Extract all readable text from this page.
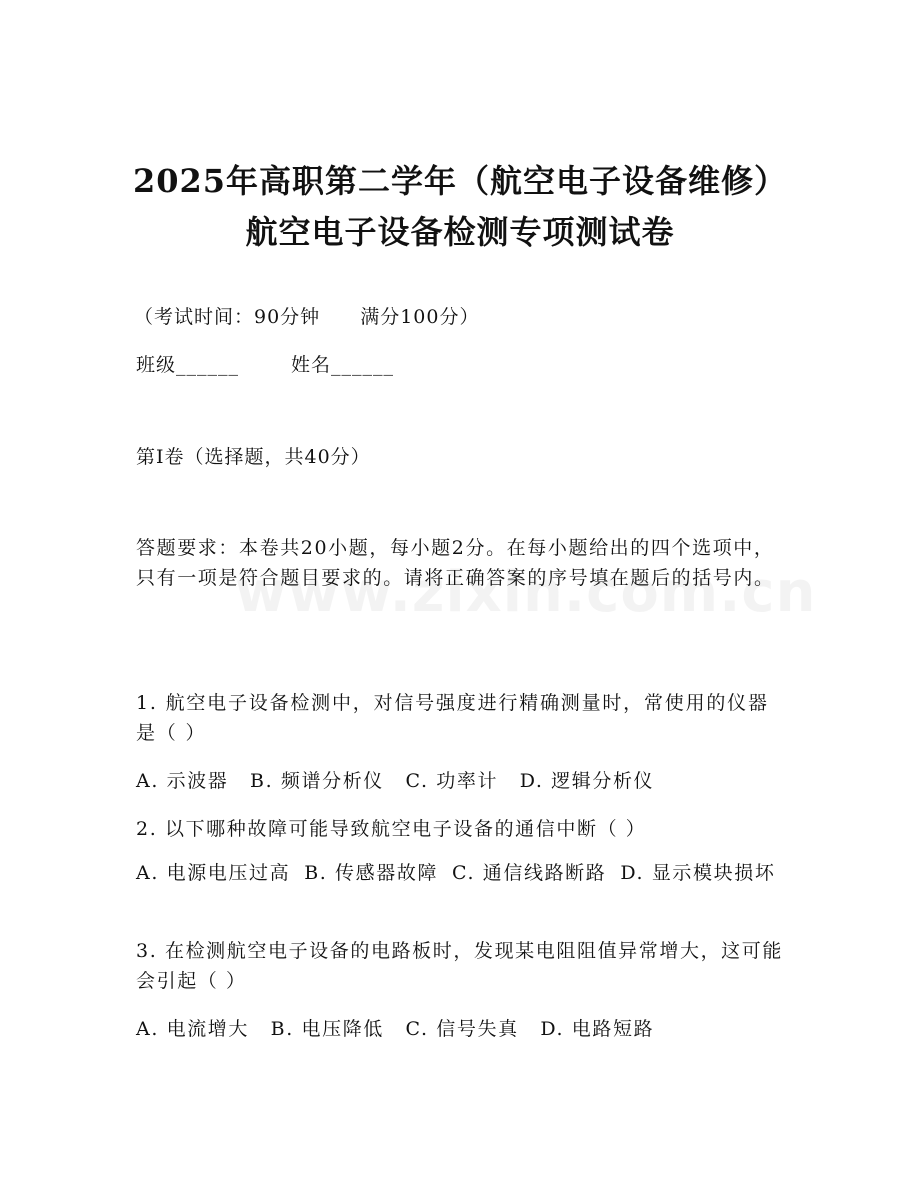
2025年高职第二学年（航空电子设备维修）
航空电子设备检测专项测试卷
（考试时间：90分钟 满分100分）
班级______	姓名______
第I卷（选择题，共40分）
答题要求：本卷共20小题，每小题2分。在每小题给出的四个选项中，只有一项是符合题目要求的。请将正确答案的序号填在题后的括号内。
1. 航空电子设备检测中，对信号强度进行精确测量时，常使用的仪器是（ ）
A. 示波器 B. 频谱分析仪 C. 功率计 D. 逻辑分析仪
2. 以下哪种故障可能导致航空电子设备的通信中断（ ）
A. 电源电压过高 B. 传感器故障 C. 通信线路断路 D. 显示模块损坏
3. 在检测航空电子设备的电路板时，发现某电阻阻值异常增大，这可能会引起（ ）
A. 电流增大 B. 电压降低 C. 信号失真 D. 电路短路
